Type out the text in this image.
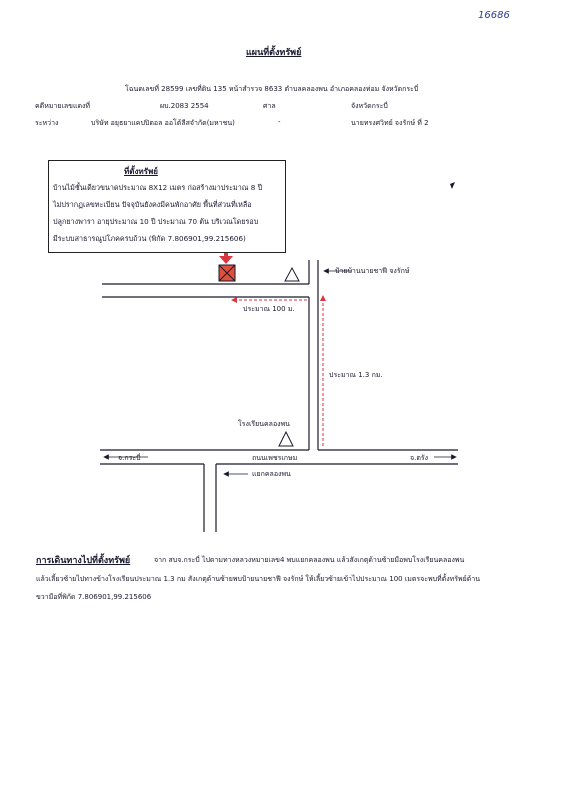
16686
แผนที่ตั้งทรัพย์
โฉนดเลขที่ 28599 เลขที่ดิน 135 หน้าสำรวจ 8633 ตำบลคลองพน อำเภอคลองท่อม จังหวัดกระบี่
คดีหมายเลขแดงที่	ผบ.2083 2554	ศาล	จังหวัดกระบี่
ระหว่าง	บริษัท อยุธยาแคปปิตอล ออโต้ลีสจำกัด(มหาชน)	-	นายทรงศวิทย์ จงรักษ์ ที่ 2
ที่ตั้งทรัพย์
บ้านไม้ชั้นเดียวขนาดประมาณ 8X12 เมตร ก่อสร้างมาประมาณ 8 ปี
ไม่ปรากฏเลขทะเบียน ปัจจุบันยังคงมีคนพักอาศัย พื้นที่ส่วนที่เหลือ
ปลูกยางพารา อายุประมาณ 10 ปี ประมาณ 70 ต้น บริเวณโดยรอบ
มีระบบสาธารณูปโภคครบถ้วน (พิกัด 7.806901,99.215606)
ป้ายบ้านนายชาฟี จงรักษ์
ประมาณ 100 ม.
ประมาณ 1.3 กม.
โรงเรียนคลองพน
ถนนเพชรเกษม
จ.กระบี่	จ.ตรัง
แยกคลองพน
การเดินทางไปที่ตั้งทรัพย์	จาก สบจ.กระบี่ ไปตามทางหลวงหมายเลข4 พบแยกคลองพน แล้วสังเกตุด้านซ้ายมือพบโรงเรียนคลองพน
แล้วเลี้ยวซ้ายไปทางข้างโรงเรียนประมาณ 1.3 กม สังเกตุด้านซ้ายพบป้ายนายชาฟี จงรักษ์ ให้เลี้ยวซ้ายเข้าไปประมาณ 100 เมตรจะพบที่ตั้งทรัพย์ด้าน
ขวามือที่พิกัด 7.806901,99.215606
